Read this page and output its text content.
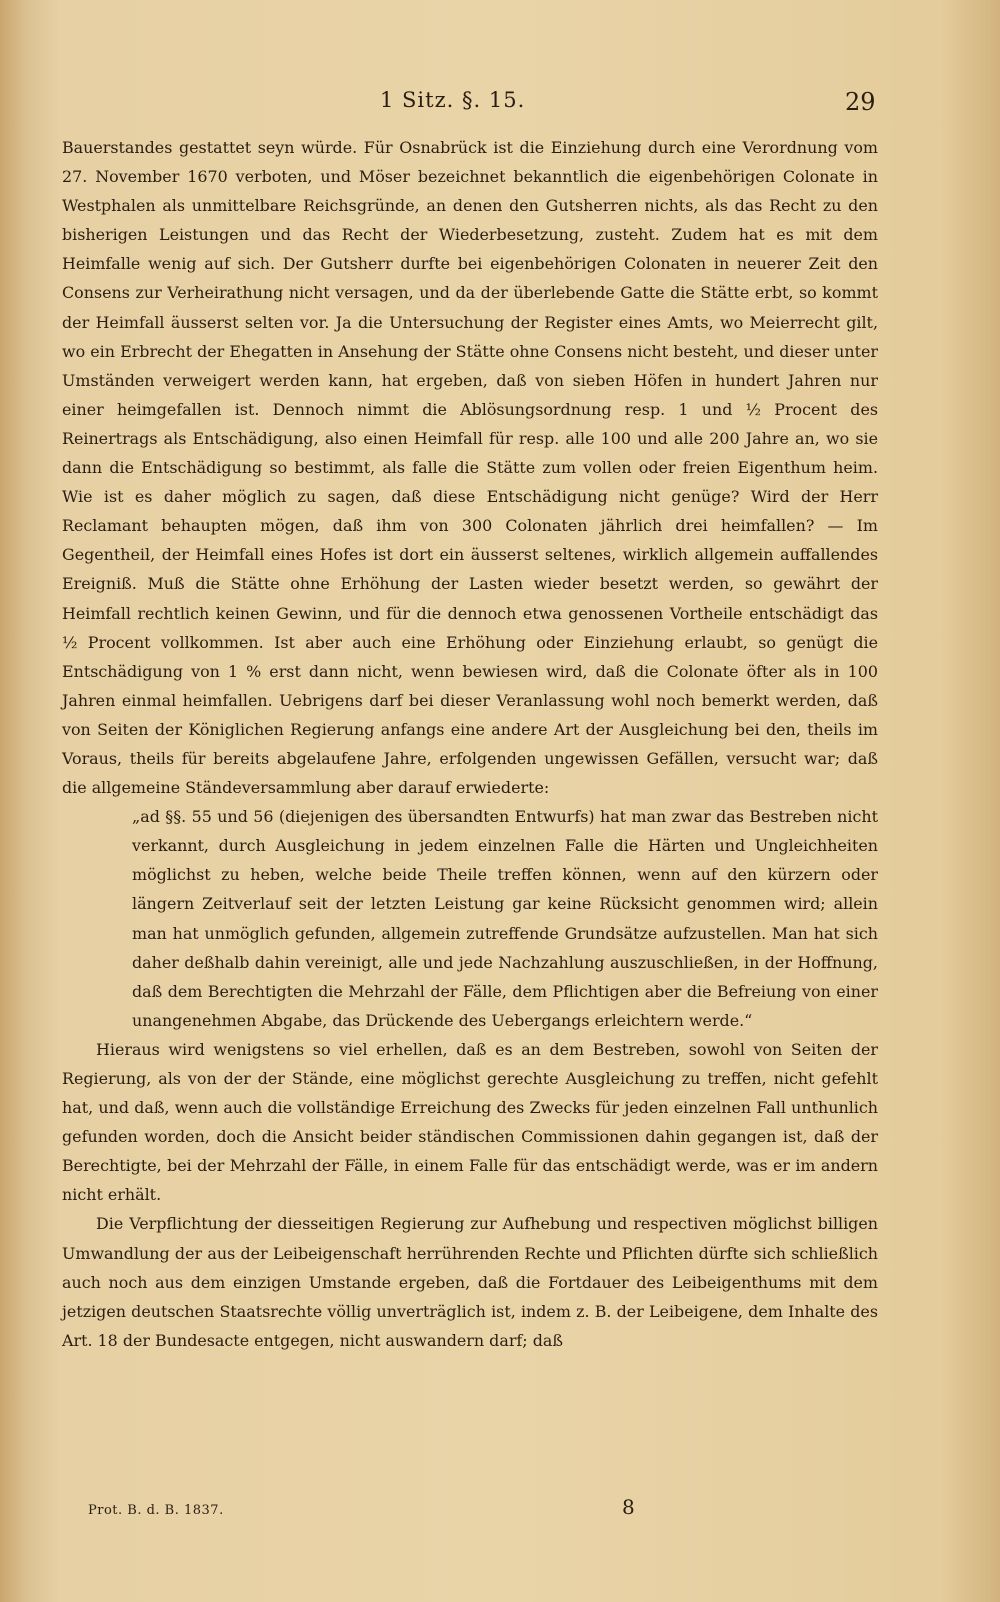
1 Sitz. §. 15.	29

Bauerstandes gestattet seyn würde. Für Osnabrück ist die Einziehung durch eine Verordnung vom 27. November 1670 verboten, und Möser bezeichnet bekanntlich die eigenbehörigen Colonate in Westphalen als unmittelbare Reichsgründe, an denen den Gutsherren nichts, als das Recht zu den bisherigen Leistungen und das Recht der Wiederbesetzung, zusteht. Zudem hat es mit dem Heimfalle wenig auf sich. Der Gutsherr durfte bei eigenbehörigen Colonaten in neuerer Zeit den Consens zur Verheirathung nicht versagen, und da der überlebende Gatte die Stätte erbt, so kommt der Heimfall äusserst selten vor. Ja die Untersuchung der Register eines Amts, wo Meierrecht gilt, wo ein Erbrecht der Ehegatten in Ansehung der Stätte ohne Consens nicht besteht, und dieser unter Umständen verweigert werden kann, hat ergeben, daß von sieben Höfen in hundert Jahren nur einer heimgefallen ist. Dennoch nimmt die Ablösungsordnung resp. 1 und ½ Procent des Reinertrags als Entschädigung, also einen Heimfall für resp. alle 100 und alle 200 Jahre an, wo sie dann die Entschädigung so bestimmt, als falle die Stätte zum vollen oder freien Eigenthum heim. Wie ist es daher möglich zu sagen, daß diese Entschädigung nicht genüge? Wird der Herr Reclamant behaupten mögen, daß ihm von 300 Colonaten jährlich drei heimfallen? — Im Gegentheil, der Heimfall eines Hofes ist dort ein äusserst seltenes, wirklich allgemein auffallendes Ereigniß. Muß die Stätte ohne Erhöhung der Lasten wieder besetzt werden, so gewährt der Heimfall rechtlich keinen Gewinn, und für die dennoch etwa genossenen Vortheile entschädigt das ½ Procent vollkommen. Ist aber auch eine Erhöhung oder Einziehung erlaubt, so genügt die Entschädigung von 1 % erst dann nicht, wenn bewiesen wird, daß die Colonate öfter als in 100 Jahren einmal heimfallen. Uebrigens darf bei dieser Veranlassung wohl noch bemerkt werden, daß von Seiten der Königlichen Regierung anfangs eine andere Art der Ausgleichung bei den, theils im Voraus, theils für bereits abgelaufene Jahre, erfolgenden ungewissen Gefällen, versucht war; daß die allgemeine Ständeversammlung aber darauf erwiederte:

„ad §§. 55 und 56 (diejenigen des übersandten Entwurfs) hat man zwar das Bestreben nicht verkannt, durch Ausgleichung in jedem einzelnen Falle die Härten und Ungleichheiten möglichst zu heben, welche beide Theile treffen können, wenn auf den kürzern oder längern Zeitverlauf seit der letzten Leistung gar keine Rücksicht genommen wird; allein man hat unmöglich gefunden, allgemein zutreffende Grundsätze aufzustellen. Man hat sich daher deßhalb dahin vereinigt, alle und jede Nachzahlung auszuschließen, in der Hoffnung, daß dem Berechtigten die Mehrzahl der Fälle, dem Pflichtigen aber die Befreiung von einer unangenehmen Abgabe, das Drückende des Uebergangs erleichtern werde.“

Hieraus wird wenigstens so viel erhellen, daß es an dem Bestreben, sowohl von Seiten der Regierung, als von der der Stände, eine möglichst gerechte Ausgleichung zu treffen, nicht gefehlt hat, und daß, wenn auch die vollständige Erreichung des Zwecks für jeden einzelnen Fall unthunlich gefunden worden, doch die Ansicht beider ständischen Commissionen dahin gegangen ist, daß der Berechtigte, bei der Mehrzahl der Fälle, in einem Falle für das entschädigt werde, was er im andern nicht erhält.

Die Verpflichtung der diesseitigen Regierung zur Aufhebung und respectiven möglichst billigen Umwandlung der aus der Leibeigenschaft herrührenden Rechte und Pflichten dürfte sich schließlich auch noch aus dem einzigen Umstande ergeben, daß die Fortdauer des Leibeigenthums mit dem jetzigen deutschen Staatsrechte völlig unverträglich ist, indem z. B. der Leibeigene, dem Inhalte des Art. 18 der Bundesacte entgegen, nicht auswandern darf; daß

Prot. B. d. B. 1837.	8
